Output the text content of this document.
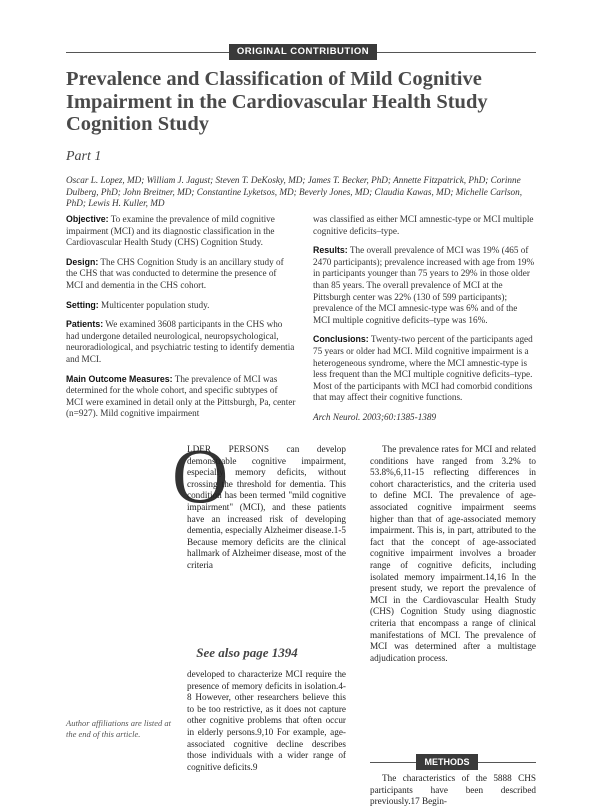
ORIGINAL CONTRIBUTION
Prevalence and Classification of Mild Cognitive Impairment in the Cardiovascular Health Study Cognition Study
Part 1
Oscar L. Lopez, MD; William J. Jagust; Steven T. DeKosky, MD; James T. Becker, PhD; Annette Fitzpatrick, PhD; Corinne Dulberg, PhD; John Breitner, MD; Constantine Lyketsos, MD; Beverly Jones, MD; Claudia Kawas, MD; Michelle Carlson, PhD; Lewis H. Kuller, MD

Objective: To examine the prevalence of mild cognitive impairment (MCI) and its diagnostic classification in the Cardiovascular Health Study (CHS) Cognition Study.

Design: The CHS Cognition Study is an ancillary study of the CHS that was conducted to determine the presence of MCI and dementia in the CHS cohort.

Setting: Multicenter population study.

Patients: We examined 3608 participants in the CHS who had undergone detailed neurological, neuropsychological, neuroradiological, and psychiatric testing to identify dementia and MCI.

Main Outcome Measures: The prevalence of MCI was determined for the whole cohort, and specific subtypes of MCI were examined in detail only at the Pittsburgh, Pa, center (n=927). Mild cognitive impairment

was classified as either MCI amnestic-type or MCI multiple cognitive deficits–type.

Results: The overall prevalence of MCI was 19% (465 of 2470 participants); prevalence increased with age from 19% in participants younger than 75 years to 29% in those older than 85 years. The overall prevalence of MCI at the Pittsburgh center was 22% (130 of 599 participants); prevalence of the MCI amnesic-type was 6% and of the MCI multiple cognitive deficits–type was 16%.

Conclusions: Twenty-two percent of the participants aged 75 years or older had MCI. Mild cognitive impairment is a heterogeneous syndrome, where the MCI amnestic-type is less frequent than the MCI multiple cognitive deficits–type. Most of the participants with MCI had comorbid conditions that may affect their cognitive functions.

Arch Neurol. 2003;60:1385-1389

O

LDER PERSONS can develop demonstrable cognitive impairment, especially memory deficits, without crossing the threshold for dementia. This condition has been termed "mild cognitive impairment" (MCI), and these patients have an increased risk of developing dementia, especially Alzheimer disease.1-5 Because memory deficits are the clinical hallmark of Alzheimer disease, most of the criteria

See also page 1394

developed to characterize MCI require the presence of memory deficits in isolation.4-8 However, other researchers believe this to be too restrictive, as it does not capture other cognitive problems that often occur in elderly persons.9,10 For example, age-associated cognitive decline describes those individuals with a wider range of cognitive deficits.9

Author affiliations are listed at the end of this article.

The prevalence rates for MCI and related conditions have ranged from 3.2% to 53.8%,6,11-15 reflecting differences in cohort characteristics, and the criteria used to define MCI. The prevalence of age-associated cognitive impairment seems higher than that of age-associated memory impairment. This is, in part, attributed to the fact that the concept of age-associated cognitive impairment involves a broader range of cognitive deficits, including isolated memory impairment.14,16 In the present study, we report the prevalence of MCI in the Cardiovascular Health Study (CHS) Cognition Study using diagnostic criteria that encompass a range of clinical manifestations of MCI. The prevalence of MCI was determined after a multistage adjudication process.

METHODS

The characteristics of the 5888 CHS participants have been described previously.17 Begin-
